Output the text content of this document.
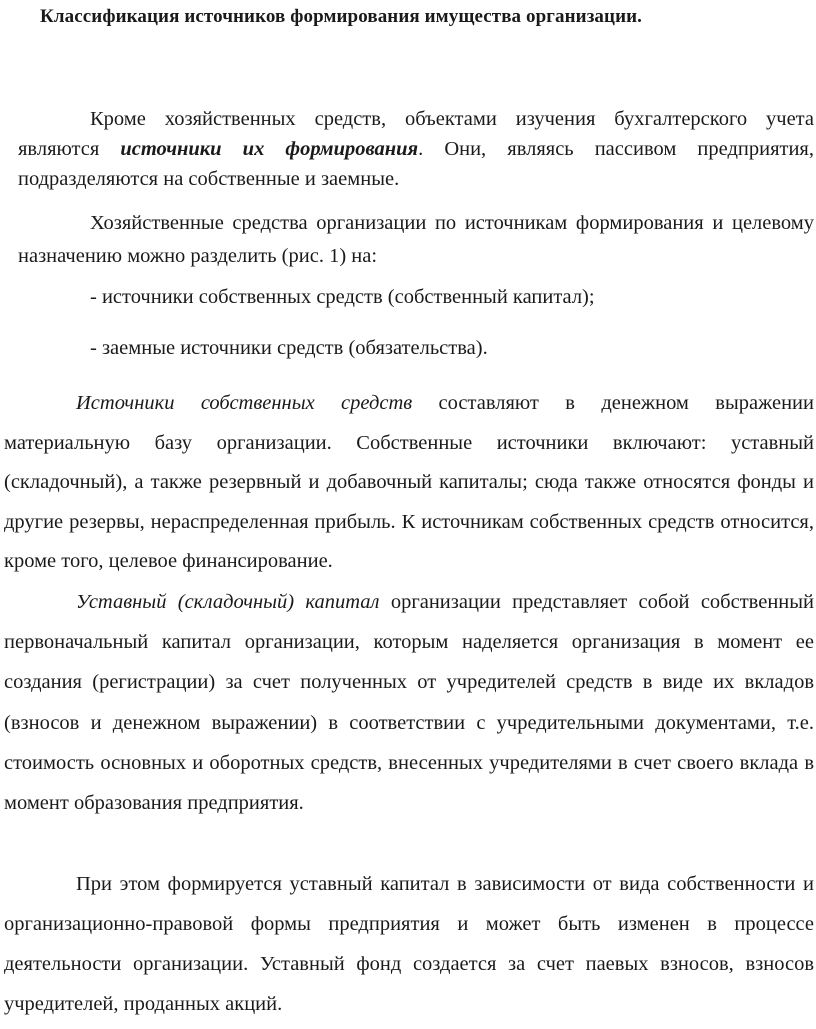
Классификация источников формирования имущества организации.

Кроме хозяйственных средств, объектами изучения бухгалтерского учета являются источники их формирования. Они, являясь пассивом предприятия, подразделяются на собственные и заемные.

Хозяйственные средства организации по источникам формирования и целевому назначению можно разделить (рис. 1) на:

- источники собственных средств (собственный капитал);

- заемные источники средств (обязательства).

Источники собственных средств составляют в денежном выражении материальную базу организации. Собственные источники включают: уставный (складочный), а также резервный и добавочный капиталы; сюда также относятся фонды и другие резервы, нераспределенная прибыль. К источникам собственных средств относится, кроме того, целевое финансирование.

Уставный (складочный) капитал организации представляет собой собственный первоначальный капитал организации, которым наделяется организация в момент ее создания (регистрации) за счет полученных от учредителей средств в виде их вкладов (взносов и денежном выражении) в соответствии с учредительными документами, т.е. стоимость основных и оборотных средств, внесенных учредителями в счет своего вклада в момент образования предприятия.

При этом формируется уставный капитал в зависимости от вида собственности и организационно-правовой формы предприятия и может быть изменен в процессе деятельности организации. Уставный фонд создается за счет паевых взносов, взносов учредителей, проданных акций.
